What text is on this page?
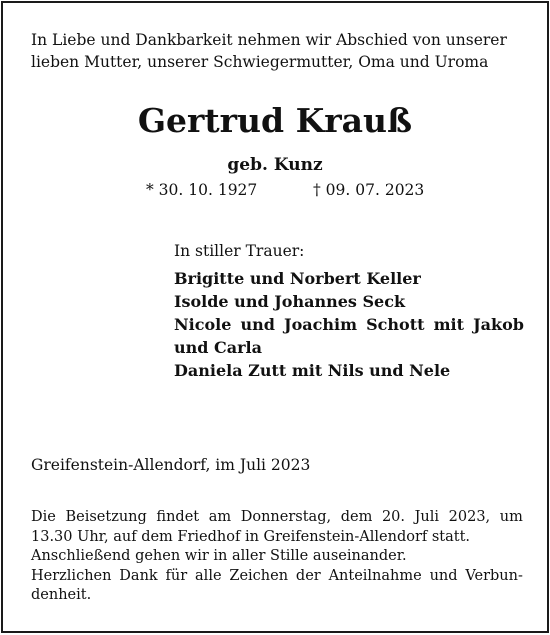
In Liebe und Dankbarkeit nehmen wir Abschied von unserer
lieben Mutter, unserer Schwiegermutter, Oma und Uroma
Gertrud Krauß
geb. Kunz
* 30. 10. 1927	† 09. 07. 2023
In stiller Trauer:
Brigitte und Norbert Keller
Isolde und Johannes Seck
Nicole und Joachim Schott mit Jakob
und Carla
Daniela Zutt mit Nils und Nele
Greifenstein-Allendorf, im Juli 2023
Die Beisetzung findet am Donnerstag, dem 20. Juli 2023, um
13.30 Uhr, auf dem Friedhof in Greifenstein-Allendorf statt.
Anschließend gehen wir in aller Stille auseinander.
Herzlichen Dank für alle Zeichen der Anteilnahme und Verbun-
denheit.
